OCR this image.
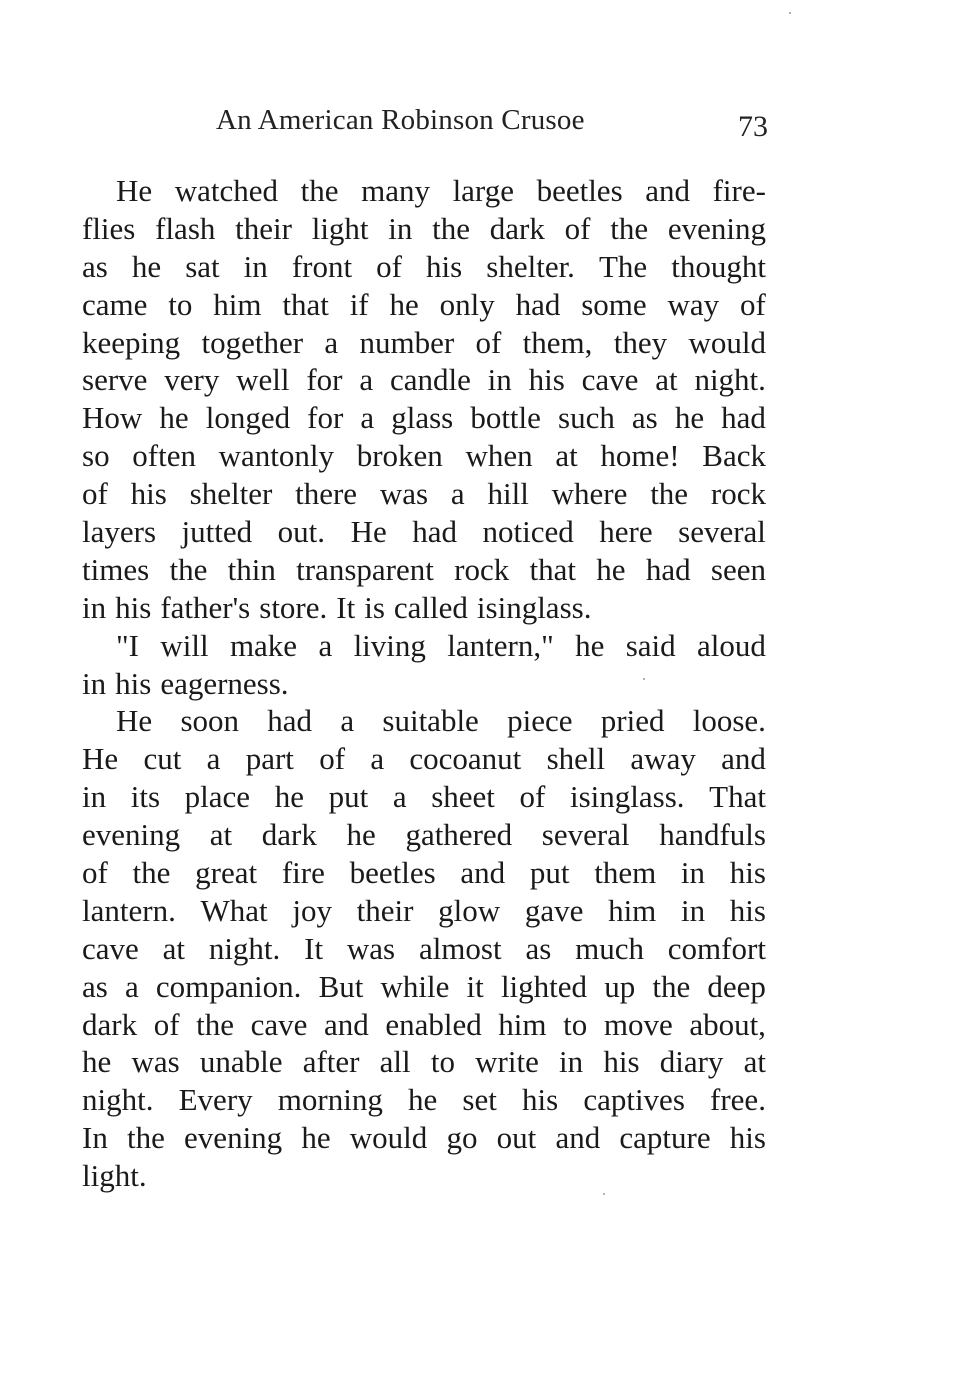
An American Robinson Crusoe	73
He watched the many large beetles and fire-
flies flash their light in the dark of the evening
as he sat in front of his shelter. The thought
came to him that if he only had some way of
keeping together a number of them, they would
serve very well for a candle in his cave at night.
How he longed for a glass bottle such as he had
so often wantonly broken when at home! Back
of his shelter there was a hill where the rock
layers jutted out. He had noticed here several
times the thin transparent rock that he had seen
in his father's store. It is called isinglass.
"I will make a living lantern," he said aloud
in his eagerness.
He soon had a suitable piece pried loose.
He cut a part of a cocoanut shell away and
in its place he put a sheet of isinglass. That
evening at dark he gathered several handfuls
of the great fire beetles and put them in his
lantern. What joy their glow gave him in his
cave at night. It was almost as much comfort
as a companion. But while it lighted up the deep
dark of the cave and enabled him to move about,
he was unable after all to write in his diary at
night. Every morning he set his captives free.
In the evening he would go out and capture his
light.
